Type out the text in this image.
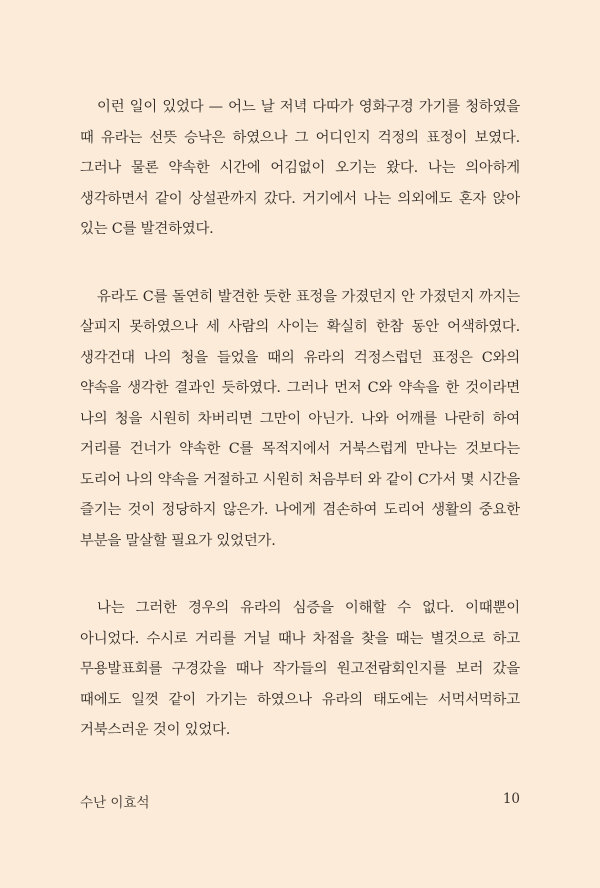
이런 일이 있었다 — 어느 날 저녁 다따가 영화구경 가기를 청하였을 때 유라는 선뜻 승낙은 하였으나 그 어디인지 걱정의 표정이 보였다. 그러나 물론 약속한 시간에 어김없이 오기는 왔다. 나는 의아하게 생각하면서 같이 상설관까지 갔다. 거기에서 나는 의외에도 혼자 앉아 있는 C를 발견하였다.

유라도 C를 돌연히 발견한 듯한 표정을 가졌던지 안 가졌던지 까지는 살피지 못하였으나 세 사람의 사이는 확실히 한참 동안 어색하였다. 생각건대 나의 청을 들었을 때의 유라의 걱정스럽던 표정은 C와의 약속을 생각한 결과인 듯하였다. 그러나 먼저 C와 약속을 한 것이라면 나의 청을 시원히 차버리면 그만이 아닌가. 나와 어깨를 나란히 하여 거리를 건너가 약속한 C를 목적지에서 거북스럽게 만나는 것보다는 도리어 나의 약속을 거절하고 시원히 처음부터 와 같이 C가서 몇 시간을 즐기는 것이 정당하지 않은가. 나에게 겸손하여 도리어 생활의 중요한 부분을 말살할 필요가 있었던가.

나는 그러한 경우의 유라의 심증을 이해할 수 없다. 이때뿐이 아니었다. 수시로 거리를 거닐 때나 차점을 찾을 때는 별것으로 하고 무용발표회를 구경갔을 때나 작가들의 원고전람회인지를 보러 갔을 때에도 일껏 같이 가기는 하였으나 유라의 태도에는 서먹서먹하고 거북스러운 것이 있었다.

수난 이효석	10
